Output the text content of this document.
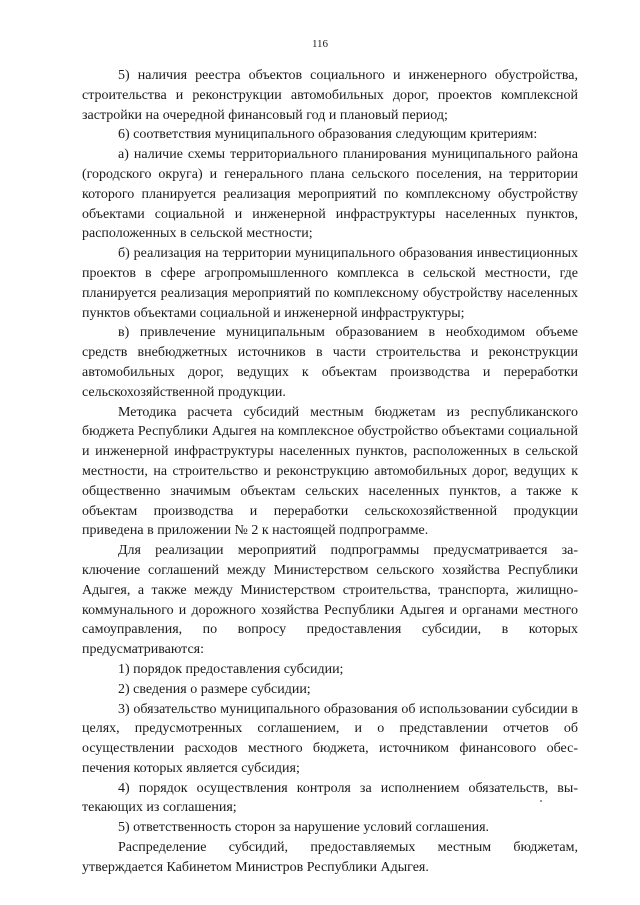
116

5) наличия реестра объектов социального и инженерного обустройства, строительства и реконструкции автомобильных дорог, проектов комплексной застройки на очередной финансовый год и плановый период;

6) соответствия муниципального образования следующим критериям:

а) наличие схемы территориального планирования муниципального района (городского округа) и генерального плана сельского поселения, на территории которого планируется реализация мероприятий по комплексному обустройству объектами социальной и инженерной инфраструктуры населенных пунктов, расположенных в сельской местности;

б) реализация на территории муниципального образования инвестиционных проектов в сфере агропромышленного комплекса в сельской местности, где планируется реализация мероприятий по комплексному обустройству населенных пунктов объектами социальной и инженерной инфраструктуры;

в) привлечение муниципальным образованием в необходимом объеме средств внебюджетных источников в части строительства и реконструкции автомобильных дорог, ведущих к объектам производства и переработки сельскохозяйственной продукции.

Методика расчета субсидий местным бюджетам из республиканского бюджета Республики Адыгея на комплексное обустройство объектами социальной и инженерной инфраструктуры населенных пунктов, расположенных в сельской местности, на строительство и реконструкцию автомобильных дорог, ведущих к общественно значимым объектам сельских населенных пунктов, а также к объектам производства и переработки сельскохозяйственной продукции приведена в приложении № 2 к настоящей подпрограмме.

Для реализации мероприятий подпрограммы предусматривается заключение соглашений между Министерством сельского хозяйства Республики Адыгея, а также между Министерством строительства, транспорта, жилищно-коммунального и дорожного хозяйства Республики Адыгея и органами местного самоуправления, по вопросу предоставления субсидии, в которых предусматриваются:

1) порядок предоставления субсидии;

2) сведения о размере субсидии;

3) обязательство муниципального образования об использовании субсидии в целях, предусмотренных соглашением, и о представлении отчетов об осуществлении расходов местного бюджета, источником финансового обеспечения которых является субсидия;

4) порядок осуществления контроля за исполнением обязательств, вытекающих из соглашения;

5) ответственность сторон за нарушение условий соглашения.

Распределение субсидий, предоставляемых местным бюджетам, утверждается Кабинетом Министров Республики Адыгея.
